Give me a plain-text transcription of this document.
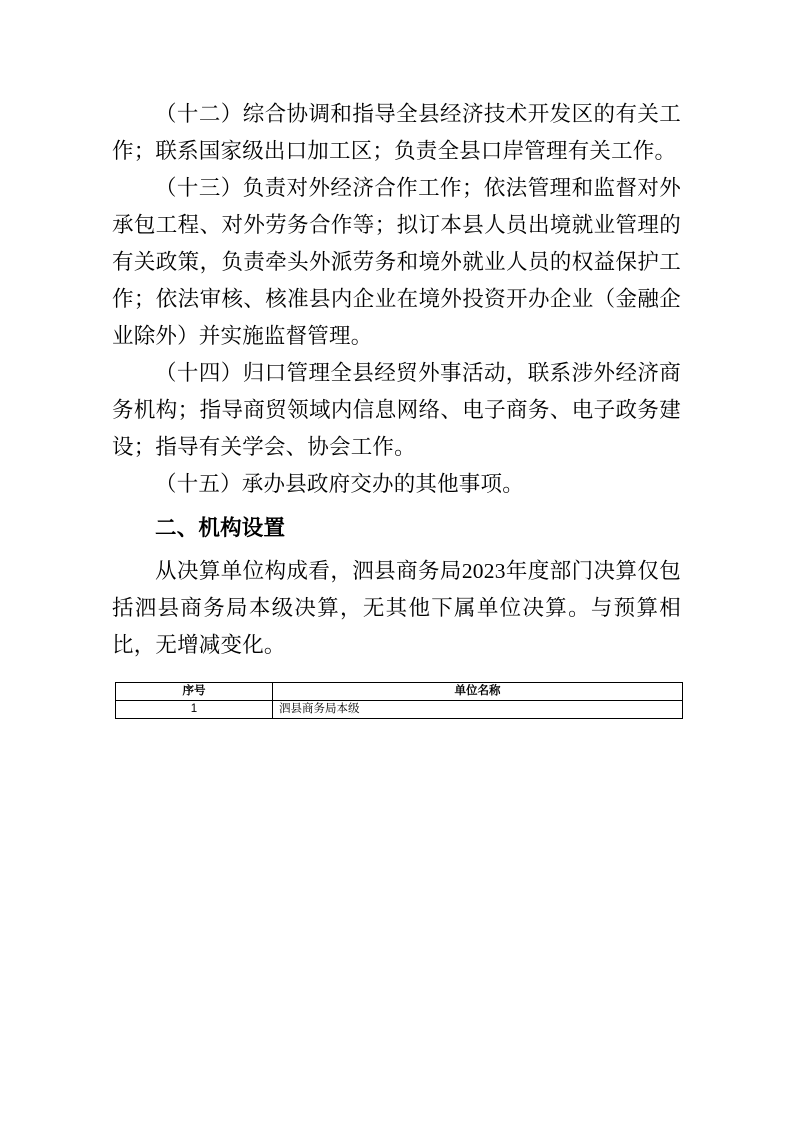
（十二）综合协调和指导全县经济技术开发区的有关工作；联系国家级出口加工区；负责全县口岸管理有关工作。

（十三）负责对外经济合作工作；依法管理和监督对外承包工程、对外劳务合作等；拟订本县人员出境就业管理的有关政策，负责牵头外派劳务和境外就业人员的权益保护工作；依法审核、核准县内企业在境外投资开办企业（金融企业除外）并实施监督管理。

（十四）归口管理全县经贸外事活动，联系涉外经济商务机构；指导商贸领域内信息网络、电子商务、电子政务建设；指导有关学会、协会工作。

（十五）承办县政府交办的其他事项。

二、机构设置

从决算单位构成看，泗县商务局2023年度部门决算仅包括泗县商务局本级决算，无其他下属单位决算。与预算相比，无增减变化。

序号	单位名称
1	泗县商务局本级
